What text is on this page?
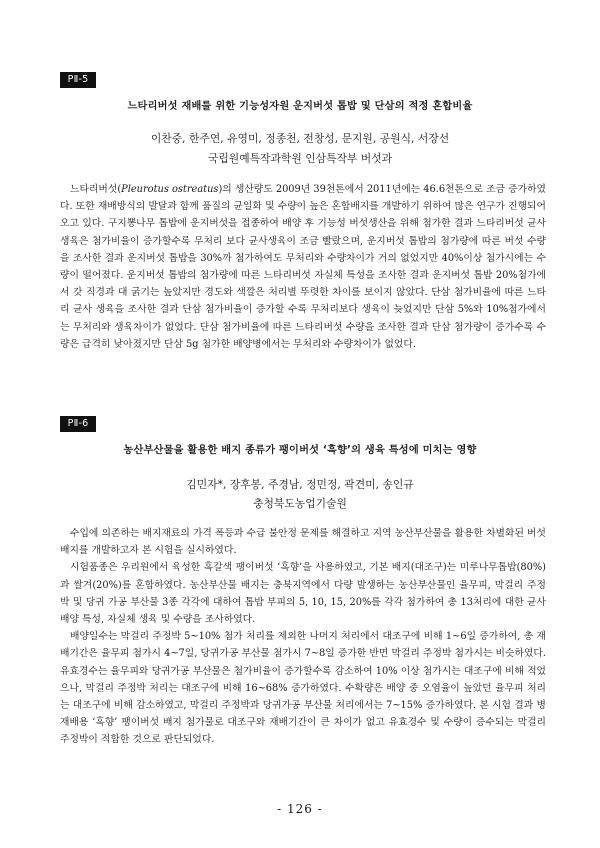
PⅡ-5
느타리버섯 재배를 위한 기능성자원 운지버섯 톱밥 및 단삼의 적정 혼합비율
이찬중, 한주연, 유영미, 정종천, 전창성, 문지원, 공원식, 서장선
국립원예특작과학원 인삼특작부 버섯과

느타리버섯(Pleurotus ostreatus)의 생산량도 2009년 39천톤에서 2011년에는 46.6천톤으로 조금 증가하였다. 또한 재배방식의 발달과 함께 품질의 균일화 및 수량이 높은 혼합배지를 개발하기 위하여 많은 연구가 진행되어 오고 있다. 구지뽕나무 톱밥에 운지버섯을 접종하여 배양 후 기능성 버섯생산을 위해 첨가한 결과 느타리버섯 균사 생육은 첨가비율이 증가할수록 무처리 보다 균사생육이 조금 빨랐으며, 운지버섯 톱밥의 첨가량에 따른 버섯 수량을 조사한 결과 운지버섯 톱밥을 30%까 첨가하여도 무처리와 수량차이가 거의 없었지만 40%이상 첨가시에는 수량이 떨어졌다. 운지버섯 톱밥의 첨가량에 따른 느타리버섯 자실체 특성을 조사한 결과 운지버섯 톱밥 20%첨가에서 갓 직경과 대 굵기는 높았지만 경도와 색깔은 처리별 뚜렷한 차이를 보이지 않았다. 단삼 첨가비율에 따른 느타리 균사 생육을 조사한 결과 단삼 첨가비율이 증가할 수록 무처리보다 생육이 늦었지만 단삼 5%와 10%첨가에서는 무처리와 생육차이가 없었다. 단삼 첨가비율에 따른 느타리버섯 수량을 조사한 결과 단삼 첨가량이 증가수록 수량은 급격히 낮아졌지만 단삼 5g 첨가한 배양병에서는 무처리와 수량차이가 없었다.

PⅡ-6
농산부산물을 활용한 배지 종류가 팽이버섯 ‘흑향’의 생육 특성에 미치는 영향
김민자*, 장후봉, 주경남, 정민정, 곽견미, 송인규
충청북도농업기술원

수입에 의존하는 배지재료의 가격 폭등과 수급 불안정 문제를 해결하고 지역 농산부산물을 활용한 차별화된 버섯 배지를 개발하고자 본 시험을 실시하였다.

시험품종은 우리원에서 육성한 흑갈색 팽이버섯 ‘흑향’을 사용하였고, 기본 배지(대조구)는 미루나무톱밥(80%)과 쌀겨(20%)를 혼합하였다. 농산부산물 배지는 충북지역에서 다량 발생하는 농산부산물인 율무피, 막걸리 주정박 및 당귀 가공 부산물 3종 각각에 대하여 톱밥 부피의 5, 10, 15, 20%를 각각 첨가하여 총 13처리에 대한 균사 배양 특성, 자실체 생육 및 수량을 조사하였다.

배양일수는 막걸리 주정박 5~10% 첨가 처리를 제외한 나머지 처리에서 대조구에 비해 1~6일 증가하여, 총 재배기간은 율무피 첨가시 4~7일, 당귀가공 부산물 첨가시 7~8일 증가한 반면 막걸리 주정박 첨가시는 비슷하였다. 유효경수는 율무피와 당귀가공 부산물은 첨가비율이 증가할수록 감소하여 10% 이상 첨가시는 대조구에 비해 적었으나, 막걸리 주정박 처리는 대조구에 비해 16~68% 증가하였다. 수확량은 배양 중 오염율이 높았던 율무피 처리는 대조구에 비해 감소하였고, 막걸리 주정박과 당귀가공 부산물 처리에서는 7~15% 증가하였다. 본 시험 결과 병재배용 ‘흑향’ 팽이버섯 배지 첨가물로 대조구와 재배기간이 큰 차이가 없고 유효경수 및 수량이 증수되는 막걸리 주정박이 적합한 것으로 판단되었다.

- 126 -
